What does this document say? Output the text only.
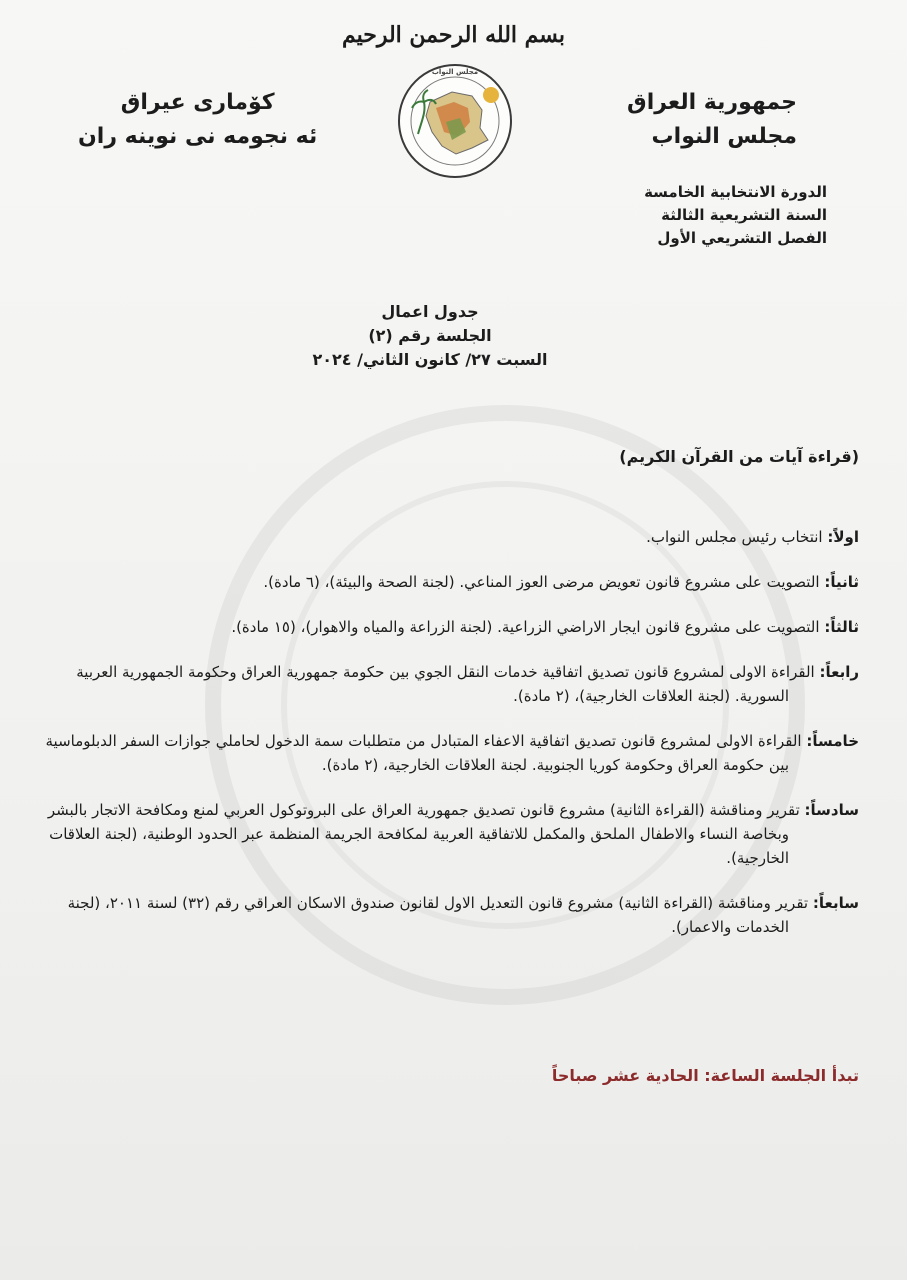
بسم الله الرحمن الرحيم
جمهورية العراق
مجلس النواب
كۆماری عیراق
ئه نجومه نی نوینه ران
مجلس النواب
الدورة الانتخابية الخامسة
السنة التشريعية الثالثة
الفصل التشريعي الأول
جدول اعمال
الجلسة رقم (٢)
السبت ٢٧/ كانون الثاني/ ٢٠٢٤
(قراءة آيات من القرآن الكريم)
اولاً: انتخاب رئيس مجلس النواب.
ثانياً: التصويت على مشروع قانون تعويض مرضى العوز المناعي. (لجنة الصحة والبيئة)، (٦ مادة).
ثالثاً: التصويت على مشروع قانون ايجار الاراضي الزراعية. (لجنة الزراعة والمياه والاهوار)، (١٥ مادة).
رابعاً: القراءة الاولى لمشروع قانون تصديق اتفاقية خدمات النقل الجوي بين حكومة جمهورية العراق وحكومة الجمهورية العربية السورية. (لجنة العلاقات الخارجية)، (٢ مادة).
خامساً: القراءة الاولى لمشروع قانون تصديق اتفاقية الاعفاء المتبادل من متطلبات سمة الدخول لحاملي جوازات السفر الدبلوماسية بين حكومة العراق وحكومة كوريا الجنوبية. لجنة العلاقات الخارجية، (٢ مادة).
سادساً: تقرير ومناقشة (القراءة الثانية) مشروع قانون تصديق جمهورية العراق على البروتوكول العربي لمنع ومكافحة الاتجار بالبشر وبخاصة النساء والاطفال الملحق والمكمل للاتفاقية العربية لمكافحة الجريمة المنظمة عبر الحدود الوطنية، (لجنة العلاقات الخارجية).
سابعاً: تقرير ومناقشة (القراءة الثانية) مشروع قانون التعديل الاول لقانون صندوق الاسكان العراقي رقم (٣٢) لسنة ٢٠١١، (لجنة الخدمات والاعمار).
تبدأ الجلسة الساعة: الحادية عشر صباحاً
